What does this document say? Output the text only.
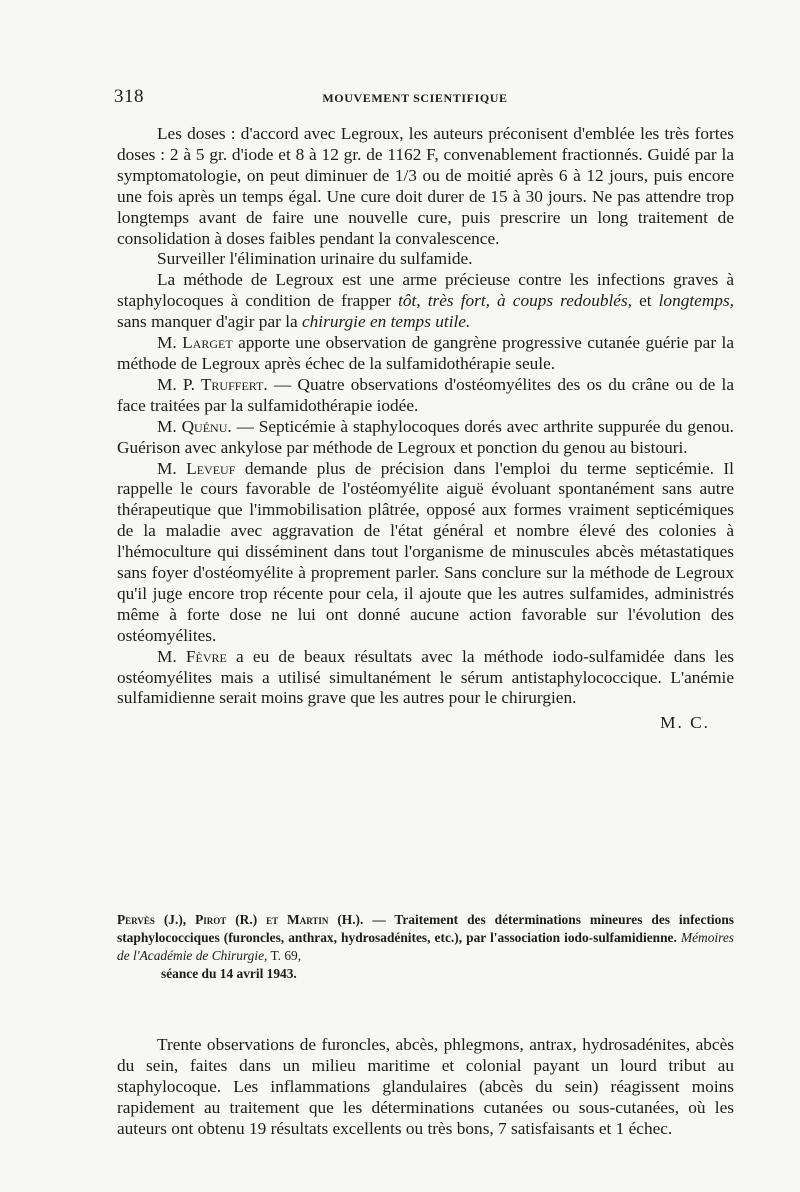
318	MOUVEMENT SCIENTIFIQUE

Les doses : d'accord avec Legroux, les auteurs préconisent d'emblée les très fortes doses : 2 à 5 gr. d'iode et 8 à 12 gr. de 1162 F, convenablement fractionnés. Guidé par la symptomatologie, on peut diminuer de 1/3 ou de moitié après 6 à 12 jours, puis encore une fois après un temps égal. Une cure doit durer de 15 à 30 jours. Ne pas attendre trop longtemps avant de faire une nouvelle cure, puis prescrire un long traitement de consolidation à doses faibles pendant la convalescence.

Surveiller l'élimination urinaire du sulfamide.

La méthode de Legroux est une arme précieuse contre les infections graves à staphylocoques à condition de frapper tôt, très fort, à coups redoublés, et longtemps, sans manquer d'agir par la chirurgie en temps utile.

M. Larget apporte une observation de gangrène progressive cutanée guérie par la méthode de Legroux après échec de la sulfamidothérapie seule.

M. P. Truffert. — Quatre observations d'ostéomyélites des os du crâne ou de la face traitées par la sulfamidothérapie iodée.

M. Quénu. — Septicémie à staphylocoques dorés avec arthrite suppurée du genou. Guérison avec ankylose par méthode de Legroux et ponction du genou au bistouri.

M. Leveuf demande plus de précision dans l'emploi du terme septicémie. Il rappelle le cours favorable de l'ostéomyélite aiguë évoluant spontanément sans autre thérapeutique que l'immobilisation plâtrée, opposé aux formes vraiment septicémiques de la maladie avec aggravation de l'état général et nombre élevé des colonies à l'hémoculture qui disséminent dans tout l'organisme de minuscules abcès métastatiques sans foyer d'ostéomyélite à proprement parler. Sans conclure sur la méthode de Legroux qu'il juge encore trop récente pour cela, il ajoute que les autres sulfamides, administrés même à forte dose ne lui ont donné aucune action favorable sur l'évolution des ostéomyélites.

M. Fèvre a eu de beaux résultats avec la méthode iodo-sulfamidée dans les ostéomyélites mais a utilisé simultanément le sérum antistaphylococcique. L'anémie sulfamidienne serait moins grave que les autres pour le chirurgien.

M. C.
Pervès (J.), Pirot (R.) et Martin (H.). — Traitement des déterminations mineures des infections staphylococciques (furoncles, anthrax, hydrosadénites, etc.), par l'association iodo-sulfamidienne. Mémoires de l'Académie de Chirurgie, T. 69,
séance du 14 avril 1943.

Trente observations de furoncles, abcès, phlegmons, antrax, hydrosadénites, abcès du sein, faites dans un milieu maritime et colonial payant un lourd tribut au staphylocoque. Les inflammations glandulaires (abcès du sein) réagissent moins rapidement au traitement que les déterminations cutanées ou sous-cutanées, où les auteurs ont obtenu 19 résultats excellents ou très bons, 7 satisfaisants et 1 échec.
